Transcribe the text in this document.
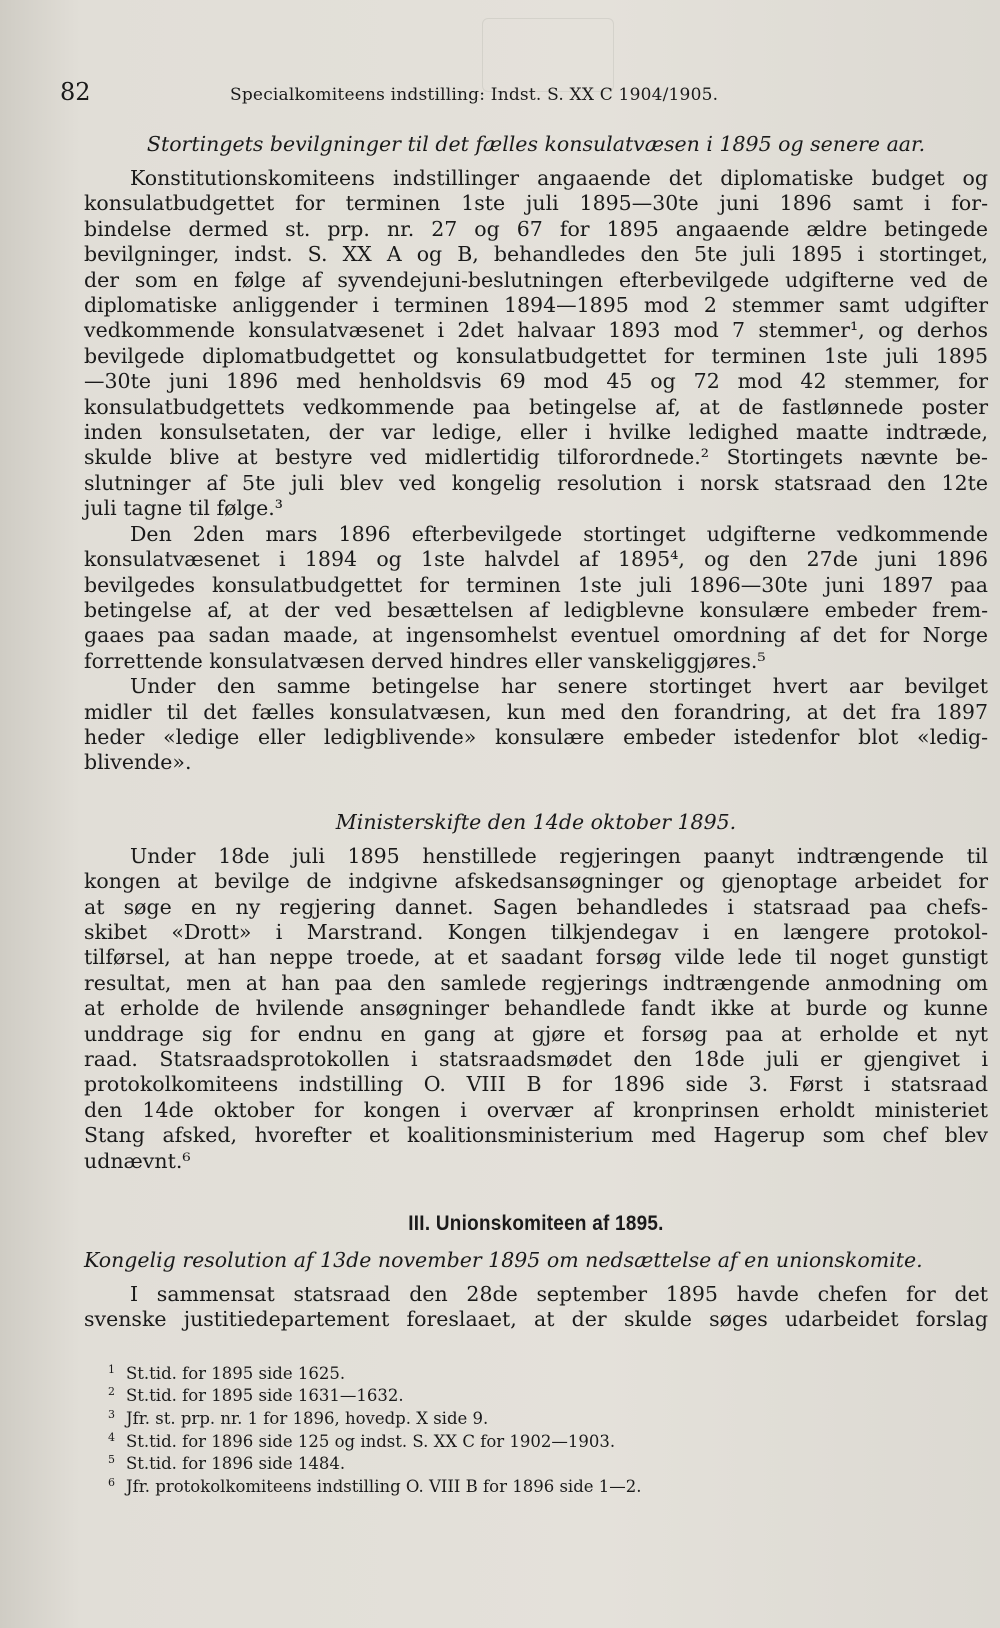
82	Specialkomiteens indstilling: Indst. S. XX C 1904/1905.
Stortingets bevilgninger til det fælles konsulatvæsen i 1895 og senere aar.
Konstitutionskomiteens indstillinger angaaende det diplomatiske budget og
konsulatbudgettet for terminen 1ste juli 1895—30te juni 1896 samt i for-
bindelse dermed st. prp. nr. 27 og 67 for 1895 angaaende ældre betingede
bevilgninger, indst. S. XX A og B, behandledes den 5te juli 1895 i stortinget,
der som en følge af syvendejuni-beslutningen efterbevilgede udgifterne ved de
diplomatiske anliggender i terminen 1894—1895 mod 2 stemmer samt udgifter
vedkommende konsulatvæsenet i 2det halvaar 1893 mod 7 stemmer¹, og derhos
bevilgede diplomatbudgettet og konsulatbudgettet for terminen 1ste juli 1895
—30te juni 1896 med henholdsvis 69 mod 45 og 72 mod 42 stemmer, for
konsulatbudgettets vedkommende paa betingelse af, at de fastlønnede poster
inden konsulsetaten, der var ledige, eller i hvilke ledighed maatte indtræde,
skulde blive at bestyre ved midlertidig tilforordnede.² Stortingets nævnte be-
slutninger af 5te juli blev ved kongelig resolution i norsk statsraad den 12te
juli tagne til følge.³
Den 2den mars 1896 efterbevilgede stortinget udgifterne vedkommende
konsulatvæsenet i 1894 og 1ste halvdel af 1895⁴, og den 27de juni 1896
bevilgedes konsulatbudgettet for terminen 1ste juli 1896—30te juni 1897 paa
betingelse af, at der ved besættelsen af ledigblevne konsulære embeder frem-
gaaes paa sadan maade, at ingensomhelst eventuel omordning af det for Norge
forrettende konsulatvæsen derved hindres eller vanskeliggjøres.⁵
Under den samme betingelse har senere stortinget hvert aar bevilget
midler til det fælles konsulatvæsen, kun med den forandring, at det fra 1897
heder «ledige eller ledigblivende» konsulære embeder istedenfor blot «ledig-
blivende».
Ministerskifte den 14de oktober 1895.
Under 18de juli 1895 henstillede regjeringen paanyt indtrængende til
kongen at bevilge de indgivne afskedsansøgninger og gjenoptage arbeidet for
at søge en ny regjering dannet. Sagen behandledes i statsraad paa chefs-
skibet «Drott» i Marstrand. Kongen tilkjendegav i en længere protokol-
tilførsel, at han neppe troede, at et saadant forsøg vilde lede til noget gunstigt
resultat, men at han paa den samlede regjerings indtrængende anmodning om
at erholde de hvilende ansøgninger behandlede fandt ikke at burde og kunne
unddrage sig for endnu en gang at gjøre et forsøg paa at erholde et nyt
raad. Statsraadsprotokollen i statsraadsmødet den 18de juli er gjengivet i
protokolkomiteens indstilling O. VIII B for 1896 side 3. Først i statsraad
den 14de oktober for kongen i overvær af kronprinsen erholdt ministeriet
Stang afsked, hvorefter et koalitionsministerium med Hagerup som chef blev
udnævnt.⁶
III. Unionskomiteen af 1895.
Kongelig resolution af 13de november 1895 om nedsættelse af en unionskomite.
I sammensat statsraad den 28de september 1895 havde chefen for det
svenske justitiedepartement foreslaaet, at der skulde søges udarbeidet forslag
1 St.tid. for 1895 side 1625.
2 St.tid. for 1895 side 1631—1632.
3 Jfr. st. prp. nr. 1 for 1896, hovedp. X side 9.
4 St.tid. for 1896 side 125 og indst. S. XX C for 1902—1903.
5 St.tid. for 1896 side 1484.
6 Jfr. protokolkomiteens indstilling O. VIII B for 1896 side 1—2.
